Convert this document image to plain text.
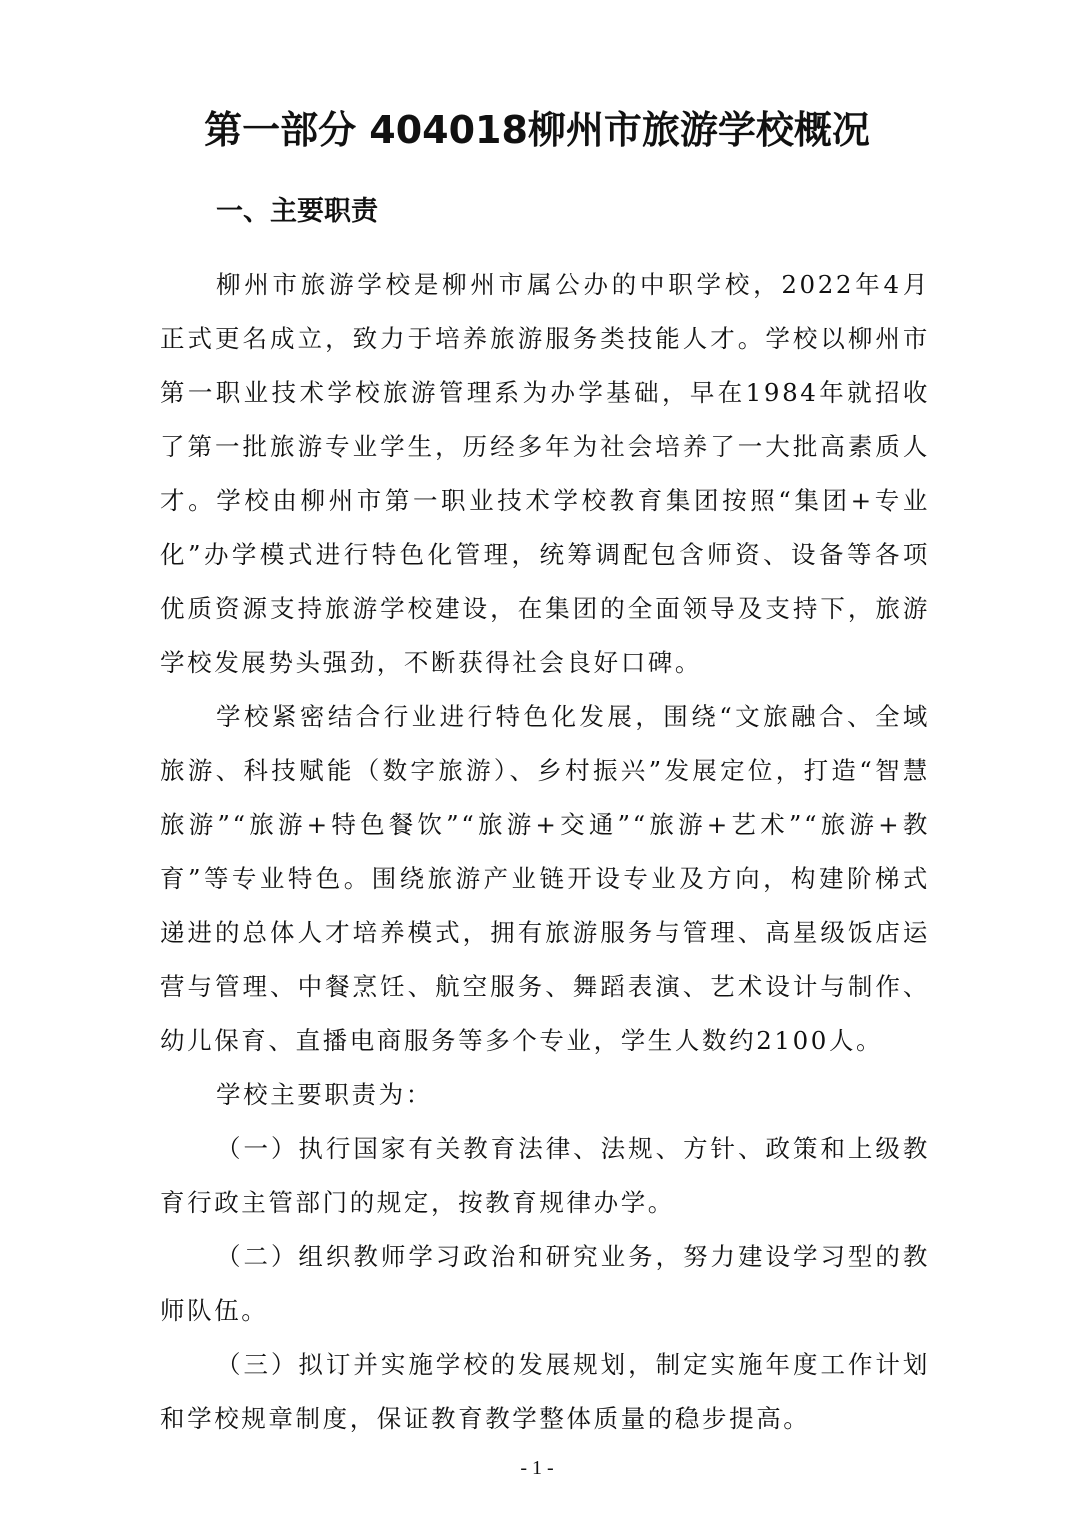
第一部分 404018柳州市旅游学校概况
一、主要职责

柳州市旅游学校是柳州市属公办的中职学校，2022年4月正式更名成立，致力于培养旅游服务类技能人才。学校以柳州市第一职业技术学校旅游管理系为办学基础，早在1984年就招收了第一批旅游专业学生，历经多年为社会培养了一大批高素质人才。学校由柳州市第一职业技术学校教育集团按照“集团+专业化”办学模式进行特色化管理，统筹调配包含师资、设备等各项优质资源支持旅游学校建设，在集团的全面领导及支持下，旅游学校发展势头强劲，不断获得社会良好口碑。

学校紧密结合行业进行特色化发展，围绕“文旅融合、全域旅游、科技赋能（数字旅游）、乡村振兴”发展定位，打造“智慧旅游”“旅游+特色餐饮”“旅游+交通”“旅游+艺术”“旅游+教育”等专业特色。围绕旅游产业链开设专业及方向，构建阶梯式递进的总体人才培养模式，拥有旅游服务与管理、高星级饭店运营与管理、中餐烹饪、航空服务、舞蹈表演、艺术设计与制作、幼儿保育、直播电商服务等多个专业，学生人数约2100人。

学校主要职责为：

（一）执行国家有关教育法律、法规、方针、政策和上级教育行政主管部门的规定，按教育规律办学。

（二）组织教师学习政治和研究业务，努力建设学习型的教师队伍。

（三）拟订并实施学校的发展规划，制定实施年度工作计划和学校规章制度，保证教育教学整体质量的稳步提高。

- 1 -
